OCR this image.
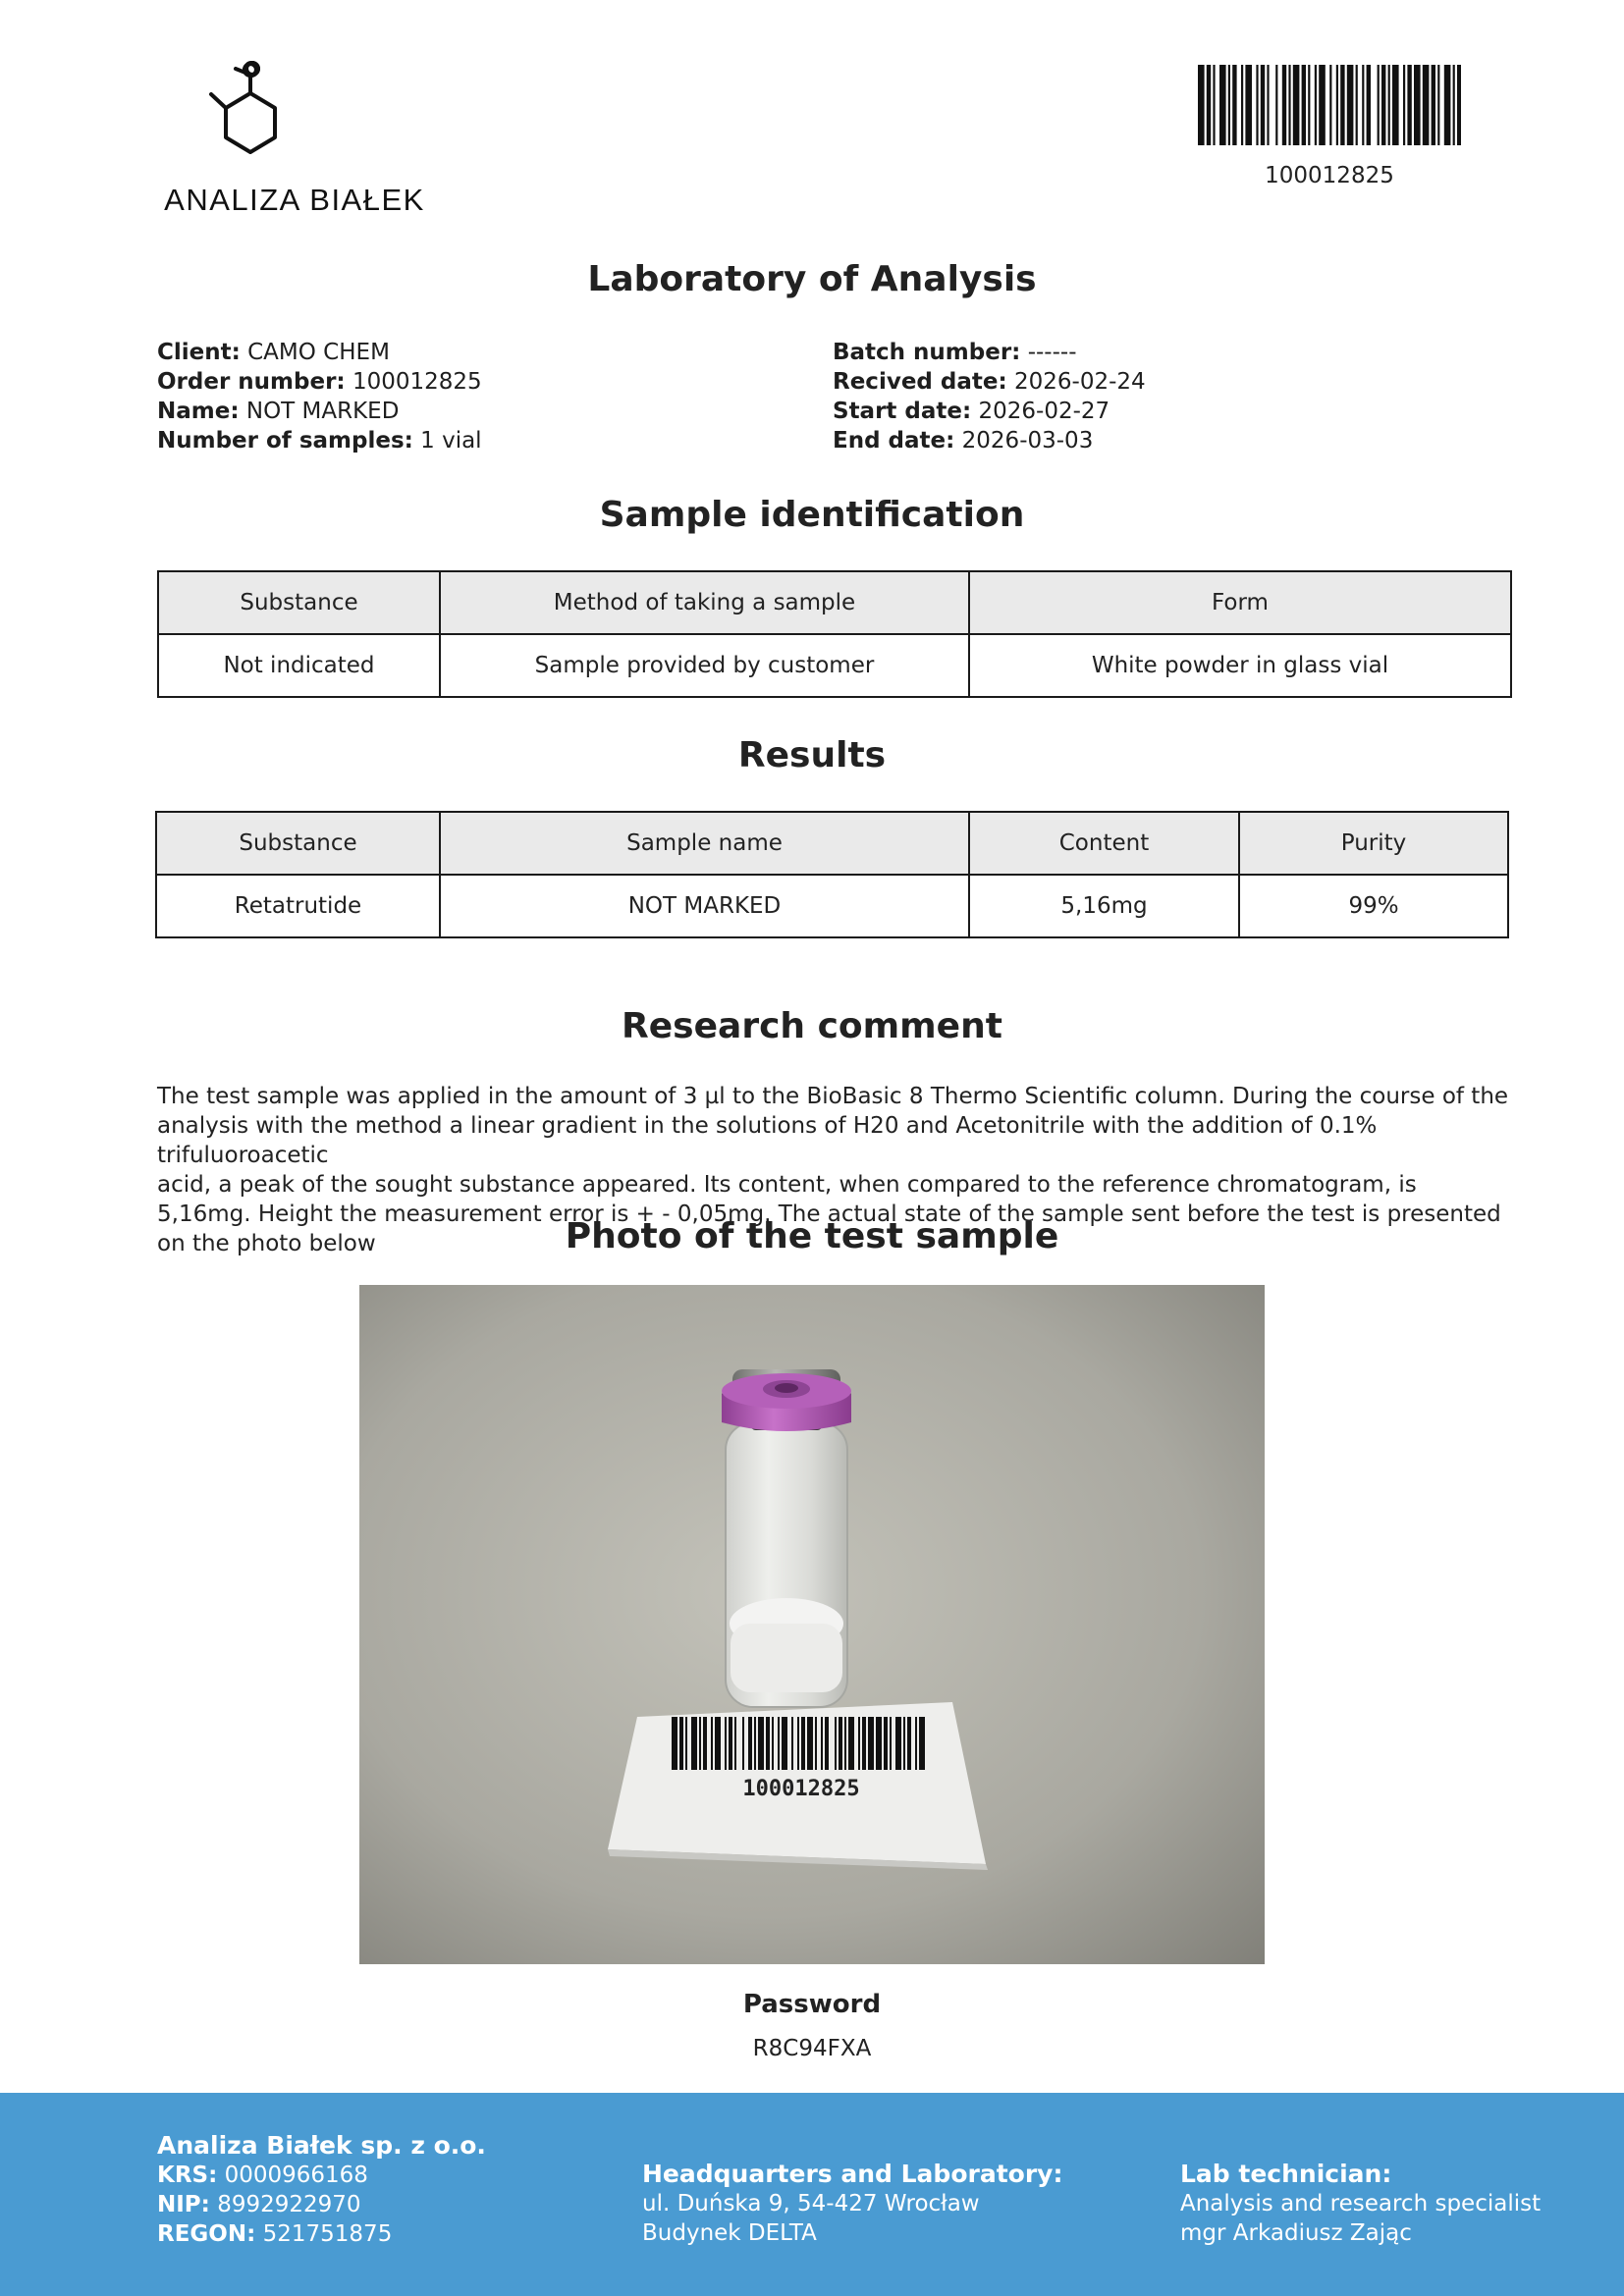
ANALIZA BIAŁEK
100012825
Laboratory of Analysis
Client: CAMO CHEM
Order number: 100012825
Name: NOT MARKED
Number of samples: 1 vial
Batch number: ------
Recived date: 2026-02-24
Start date: 2026-02-27
End date: 2026-03-03
Sample identification
Substance	Method of taking a sample	Form
Not indicated	Sample provided by customer	White powder in glass vial
Results
Substance	Sample name	Content	Purity
Retatrutide	NOT MARKED	5,16mg	99%
Research comment
The test sample was applied in the amount of 3 µl to the BioBasic 8 Thermo Scientific column. During the course of the
analysis with the method a linear gradient in the solutions of H20 and Acetonitrile with the addition of 0.1% trifuluoroacetic
acid, a peak of the sought substance appeared. Its content, when compared to the reference chromatogram, is
5,16mg. Height the measurement error is + - 0,05mg. The actual state of the sample sent before the test is presented
on the photo below	Photo of the test sample
100012825
Password
R8C94FXA
Analiza Białek sp. z o.o.
KRS: 0000966168
NIP: 8992922970
REGON: 521751875
Headquarters and Laboratory:
ul. Duńska 9, 54-427 Wrocław
Budynek DELTA
Lab technician:
Analysis and research specialist
mgr Arkadiusz Zając
